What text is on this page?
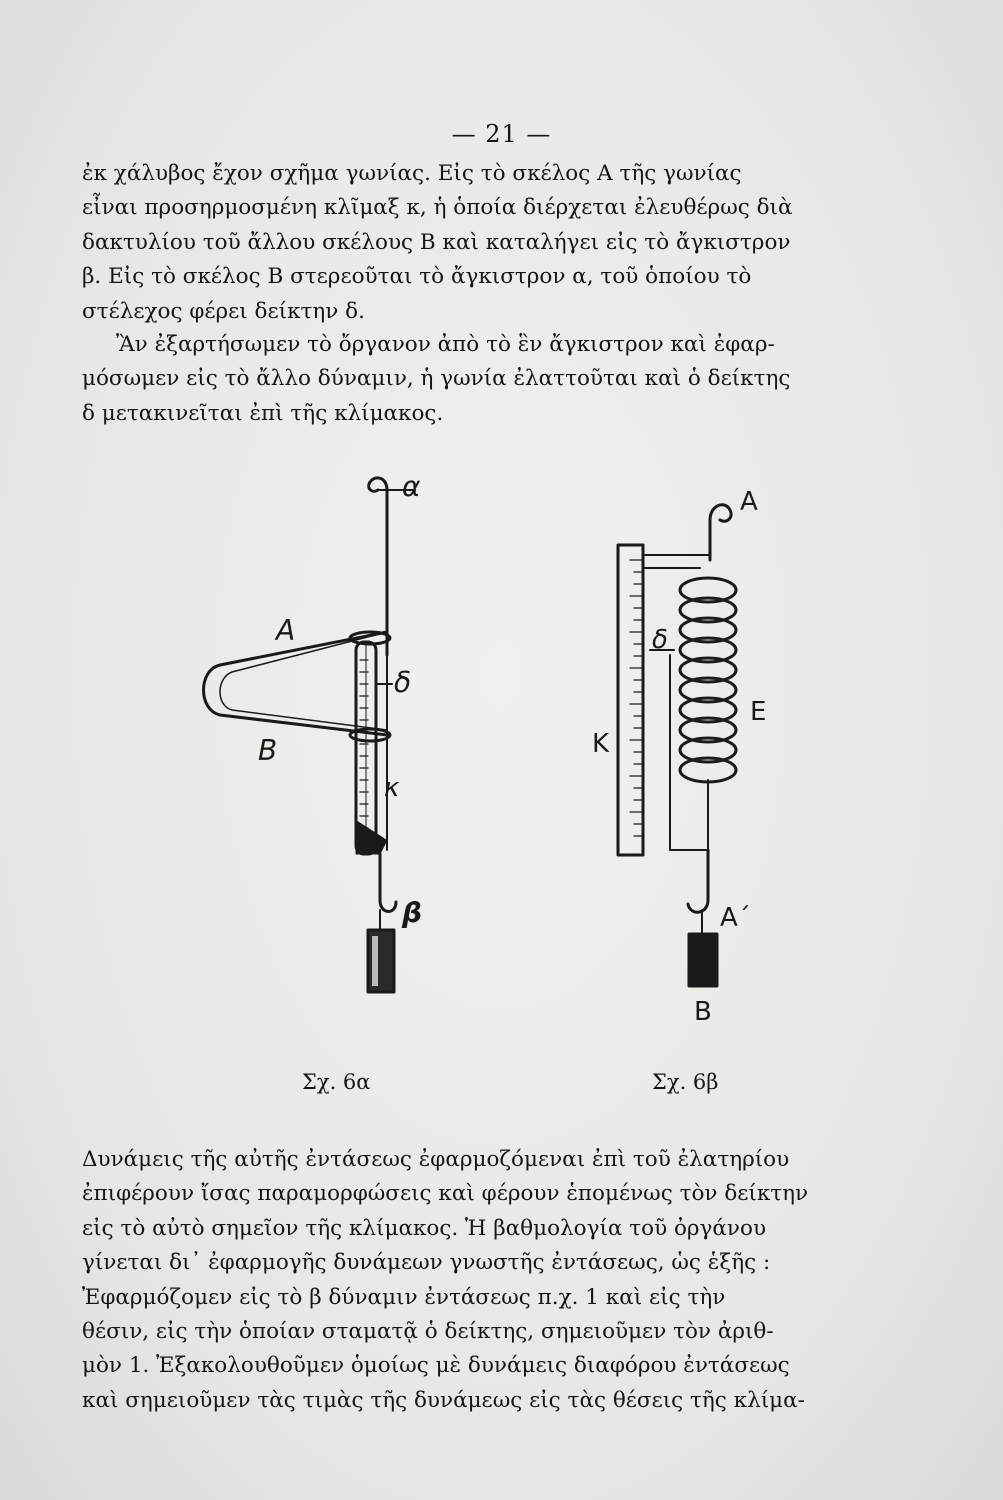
— 21 —
ἐκ χάλυβος ἔχον σχῆμα γωνίας. Εἰς τὸ σκέλος Α τῆς γωνίας
εἶναι προσηρμοσμένη κλῖμαξ κ, ἡ ὁποία διέρχεται ἐλευθέρως διὰ
δακτυλίου τοῦ ἄλλου σκέλους Β καὶ καταλήγει εἰς τὸ ἄγκιστρον
β. Εἰς τὸ σκέλος Β στερεοῦται τὸ ἄγκιστρον α, τοῦ ὁποίου τὸ
στέλεχος φέρει δείκτην δ.
Ἂν ἐξαρτήσωμεν τὸ ὄργανον ἀπὸ τὸ ἓν ἄγκιστρον καὶ ἐφαρ-
μόσωμεν εἰς τὸ ἄλλο δύναμιν, ἡ γωνία ἐλαττοῦται καὶ ὁ δείκτης
δ μετακινεῖται ἐπὶ τῆς κλίμακος.
α
Α
Β
δ
κ
β
Α
δ
Ε
Κ
Α΄
Β
Σχ. 6α	Σχ. 6β
Δυνάμεις τῆς αὐτῆς ἐντάσεως ἐφαρμοζόμεναι ἐπὶ τοῦ ἐλατηρίου
ἐπιφέρουν ἴσας παραμορφώσεις καὶ φέρουν ἑπομένως τὸν δείκτην
εἰς τὸ αὐτὸ σημεῖον τῆς κλίμακος. Ἡ βαθμολογία τοῦ ὀργάνου
γίνεται δι᾽ ἐφαρμογῆς δυνάμεων γνωστῆς ἐντάσεως, ὡς ἑξῆς :
Ἐφαρμόζομεν εἰς τὸ β δύναμιν ἐντάσεως π.χ. 1 καὶ εἰς τὴν
θέσιν, εἰς τὴν ὁποίαν σταματᾷ ὁ δείκτης, σημειοῦμεν τὸν ἀριθ-
μὸν 1. Ἐξακολουθοῦμεν ὁμοίως μὲ δυνάμεις διαφόρου ἐντάσεως
καὶ σημειοῦμεν τὰς τιμὰς τῆς δυνάμεως εἰς τὰς θέσεις τῆς κλίμα-
